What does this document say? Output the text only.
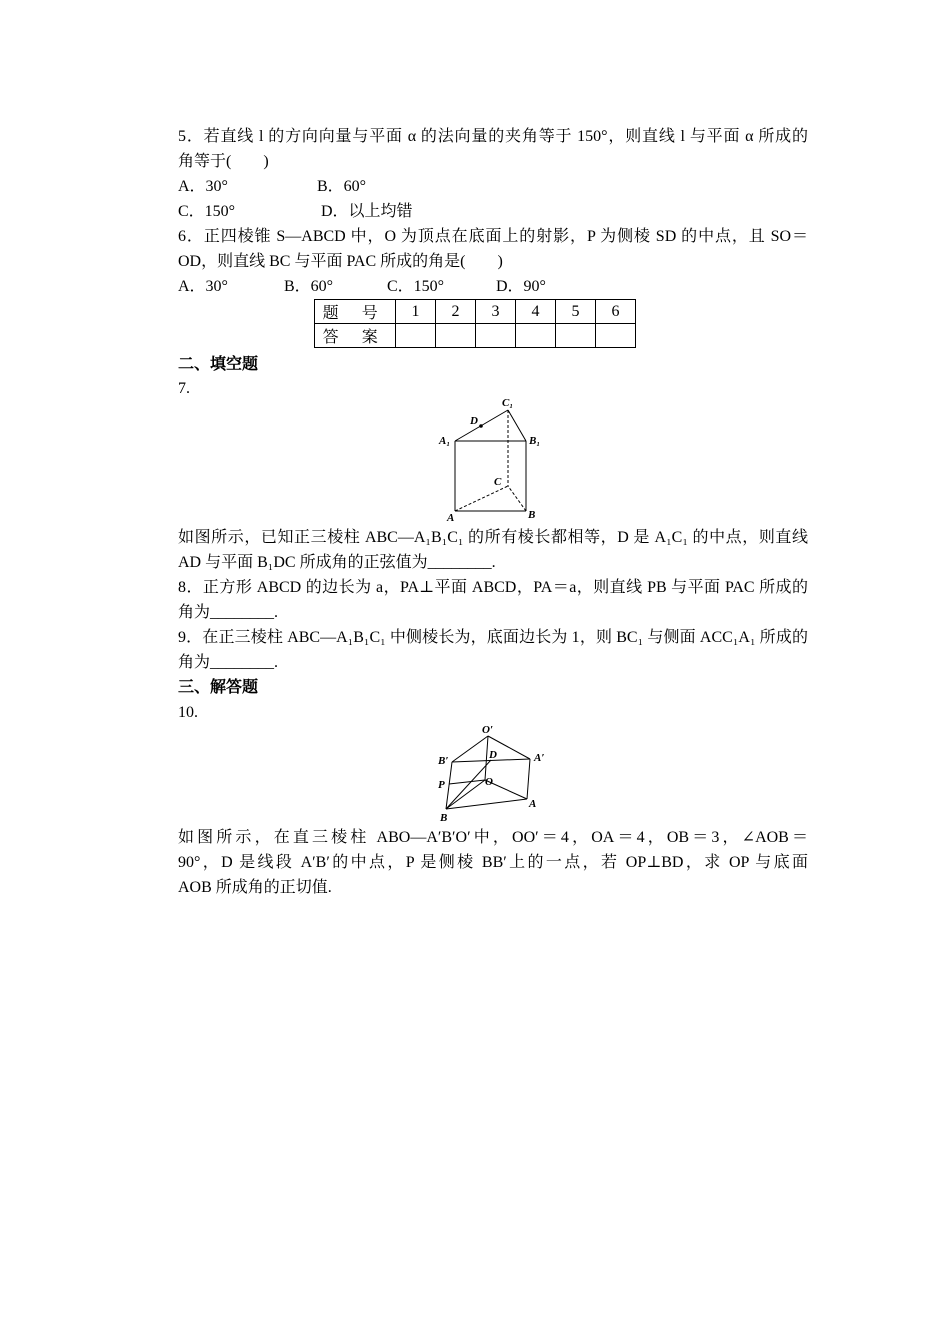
5．若直线 l 的方向向量与平面 α 的法向量的夹角等于 150°，则直线 l 与平面 α 所成的
角等于(　　)
A．30°	B．60°
C．150°	D．以上均错
6．正四棱锥 S—ABCD 中，O 为顶点在底面上的射影，P 为侧棱 SD 的中点，且 SO＝
OD，则直线 BC 与平面 PAC 所成的角是(　　)
A．30°	B．60°	C．150°	D．90°
题 号	1	2	3	4	5	6
答 案						
二、填空题
7.
C₁
D
A₁	B₁
C
A	B
如图所示，已知正三棱柱 ABC—A₁B₁C₁ 的所有棱长都相等，D 是 A₁C₁ 的中点，则直线
AD 与平面 B₁DC 所成角的正弦值为________.
8．正方形 ABCD 的边长为 a，PA⊥平面 ABCD，PA＝a，则直线 PB 与平面 PAC 所成的
角为________.
9．在正三棱柱 ABC—A₁B₁C₁ 中侧棱长为，底面边长为 1，则 BC₁ 与侧面 ACC₁A₁ 所成的
角为________.
三、解答题
10.
O′
A′
B′	D
P	O
A
B
如图所示，在直三棱柱 ABO—A′B′O′中，OO′＝4，OA＝4，OB＝3，∠AOB＝
90°，D 是线段 A′B′的中点，P 是侧棱 BB′上的一点，若 OP⊥BD，求 OP 与底面
AOB 所成角的正切值.
